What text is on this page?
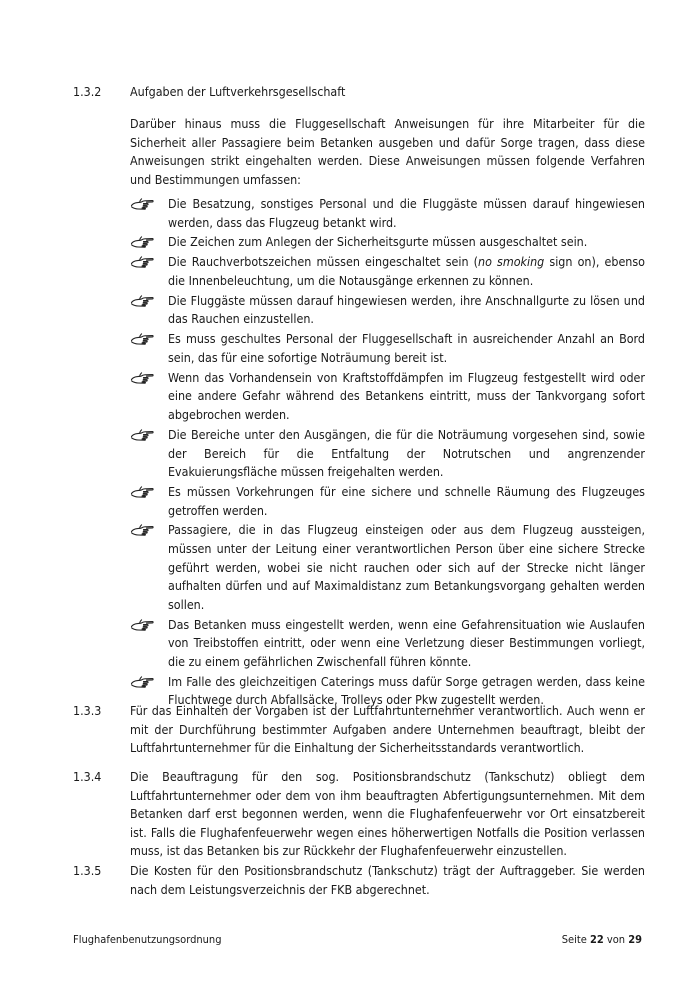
1.3.2 Aufgaben der Luftverkehrsgesellschaft
Darüber hinaus muss die Fluggesellschaft Anweisungen für ihre Mitarbeiter für die Sicherheit aller Passagiere beim Betanken ausgeben und dafür Sorge tragen, dass diese Anweisungen strikt eingehalten werden. Diese Anweisungen müssen folgende Verfahren und Bestimmungen umfassen:
Die Besatzung, sonstiges Personal und die Fluggäste müssen darauf hingewiesen werden, dass das Flugzeug betankt wird.
Die Zeichen zum Anlegen der Sicherheitsgurte müssen ausgeschaltet sein.
Die Rauchverbotszeichen müssen eingeschaltet sein (no smoking sign on), ebenso die Innenbeleuchtung, um die Notausgänge erkennen zu können.
Die Fluggäste müssen darauf hingewiesen werden, ihre Anschnallgurte zu lösen und das Rauchen einzustellen.
Es muss geschultes Personal der Fluggesellschaft in ausreichender Anzahl an Bord sein, das für eine sofortige Noträumung bereit ist.
Wenn das Vorhandensein von Kraftstoffdämpfen im Flugzeug festgestellt wird oder eine andere Gefahr während des Betankens eintritt, muss der Tankvorgang sofort abgebrochen werden.
Die Bereiche unter den Ausgängen, die für die Noträumung vorgesehen sind, sowie der Bereich für die Entfaltung der Notrutschen und angrenzender Evakuierungsfläche müssen freigehalten werden.
Es müssen Vorkehrungen für eine sichere und schnelle Räumung des Flugzeuges getroffen werden.
Passagiere, die in das Flugzeug einsteigen oder aus dem Flugzeug aussteigen, müssen unter der Leitung einer verantwortlichen Person über eine sichere Strecke geführt werden, wobei sie nicht rauchen oder sich auf der Strecke nicht länger aufhalten dürfen und auf Maximaldistanz zum Betankungsvorgang gehalten werden sollen.
Das Betanken muss eingestellt werden, wenn eine Gefahrensituation wie Auslaufen von Treibstoffen eintritt, oder wenn eine Verletzung dieser Bestimmungen vorliegt, die zu einem gefährlichen Zwischenfall führen könnte.
Im Falle des gleichzeitigen Caterings muss dafür Sorge getragen werden, dass keine Fluchtwege durch Abfallsäcke, Trolleys oder Pkw zugestellt werden.
1.3.3 Für das Einhalten der Vorgaben ist der Luftfahrtunternehmer verantwortlich. Auch wenn er mit der Durchführung bestimmter Aufgaben andere Unternehmen beauftragt, bleibt der Luftfahrtunternehmer für die Einhaltung der Sicherheitsstandards verantwortlich.
1.3.4 Die Beauftragung für den sog. Positionsbrandschutz (Tankschutz) obliegt dem Luftfahrtunternehmer oder dem von ihm beauftragten Abfertigungsunternehmen. Mit dem Betanken darf erst begonnen werden, wenn die Flughafenfeuerwehr vor Ort einsatzbereit ist. Falls die Flughafenfeuerwehr wegen eines höherwertigen Notfalls die Position verlassen muss, ist das Betanken bis zur Rückkehr der Flughafenfeuerwehr einzustellen.
1.3.5 Die Kosten für den Positionsbrandschutz (Tankschutz) trägt der Auftraggeber. Sie werden nach dem Leistungsverzeichnis der FKB abgerechnet.
Flughafenbenutzungsordnung	Seite 22 von 29
